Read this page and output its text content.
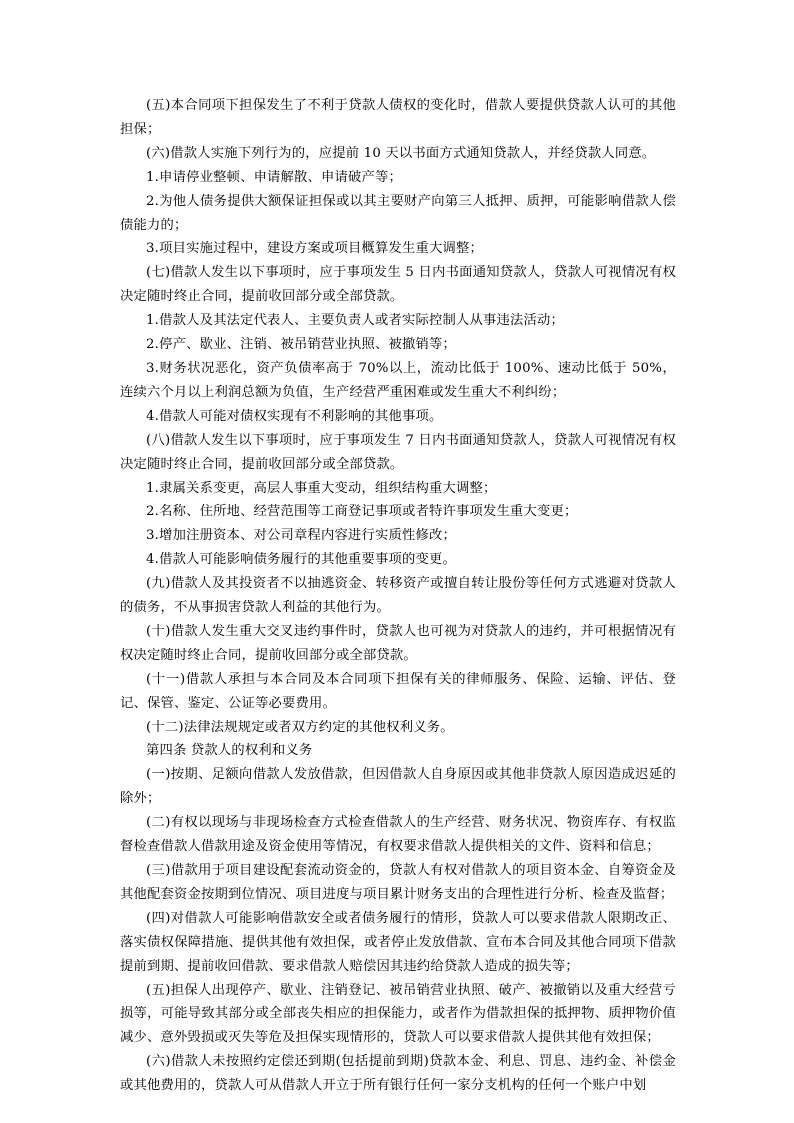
(五)本合同项下担保发生了不利于贷款人债权的变化时，借款人要提供贷款人认可的其他担保；

(六)借款人实施下列行为的，应提前 10 天以书面方式通知贷款人，并经贷款人同意。

1.申请停业整顿、申请解散、申请破产等；

2.为他人债务提供大额保证担保或以其主要财产向第三人抵押、质押，可能影响借款人偿债能力的；

3.项目实施过程中，建设方案或项目概算发生重大调整；

(七)借款人发生以下事项时，应于事项发生 5 日内书面通知贷款人，贷款人可视情况有权决定随时终止合同，提前收回部分或全部贷款。

1.借款人及其法定代表人、主要负责人或者实际控制人从事违法活动；

2.停产、歇业、注销、被吊销营业执照、被撤销等；

3.财务状况恶化，资产负债率高于 70%以上，流动比低于 100%、速动比低于 50%，连续六个月以上利润总额为负值，生产经营严重困难或发生重大不利纠纷；

4.借款人可能对债权实现有不利影响的其他事项。

(八)借款人发生以下事项时，应于事项发生 7 日内书面通知贷款人，贷款人可视情况有权决定随时终止合同，提前收回部分或全部贷款。

1.隶属关系变更，高层人事重大变动，组织结构重大调整；

2.名称、住所地、经营范围等工商登记事项或者特许事项发生重大变更；

3.增加注册资本、对公司章程内容进行实质性修改；

4.借款人可能影响债务履行的其他重要事项的变更。

(九)借款人及其投资者不以抽逃资金、转移资产或擅自转让股份等任何方式逃避对贷款人的债务，不从事损害贷款人利益的其他行为。

(十)借款人发生重大交叉违约事件时，贷款人也可视为对贷款人的违约，并可根据情况有权决定随时终止合同，提前收回部分或全部贷款。

(十一)借款人承担与本合同及本合同项下担保有关的律师服务、保险、运输、评估、登记、保管、鉴定、公证等必要费用。

(十二)法律法规规定或者双方约定的其他权利义务。

第四条 贷款人的权利和义务

(一)按期、足额向借款人发放借款，但因借款人自身原因或其他非贷款人原因造成迟延的除外；

(二)有权以现场与非现场检查方式检查借款人的生产经营、财务状况、物资库存、有权监督检查借款人借款用途及资金使用等情况，有权要求借款人提供相关的文件、资料和信息；

(三)借款用于项目建设配套流动资金的，贷款人有权对借款人的项目资本金、自筹资金及其他配套资金按期到位情况、项目进度与项目累计财务支出的合理性进行分析、检查及监督；

(四)对借款人可能影响借款安全或者债务履行的情形，贷款人可以要求借款人限期改正、落实债权保障措施、提供其他有效担保，或者停止发放借款、宣布本合同及其他合同项下借款提前到期、提前收回借款、要求借款人赔偿因其违约给贷款人造成的损失等；

(五)担保人出现停产、歇业、注销登记、被吊销营业执照、破产、被撤销以及重大经营亏损等，可能导致其部分或全部丧失相应的担保能力，或者作为借款担保的抵押物、质押物价值减少、意外毁损或灭失等危及担保实现情形的，贷款人可以要求借款人提供其他有效担保；

(六)借款人未按照约定偿还到期(包括提前到期)贷款本金、利息、罚息、违约金、补偿金或其他费用的，贷款人可从借款人开立于所有银行任何一家分支机构的任何一个账户中划
